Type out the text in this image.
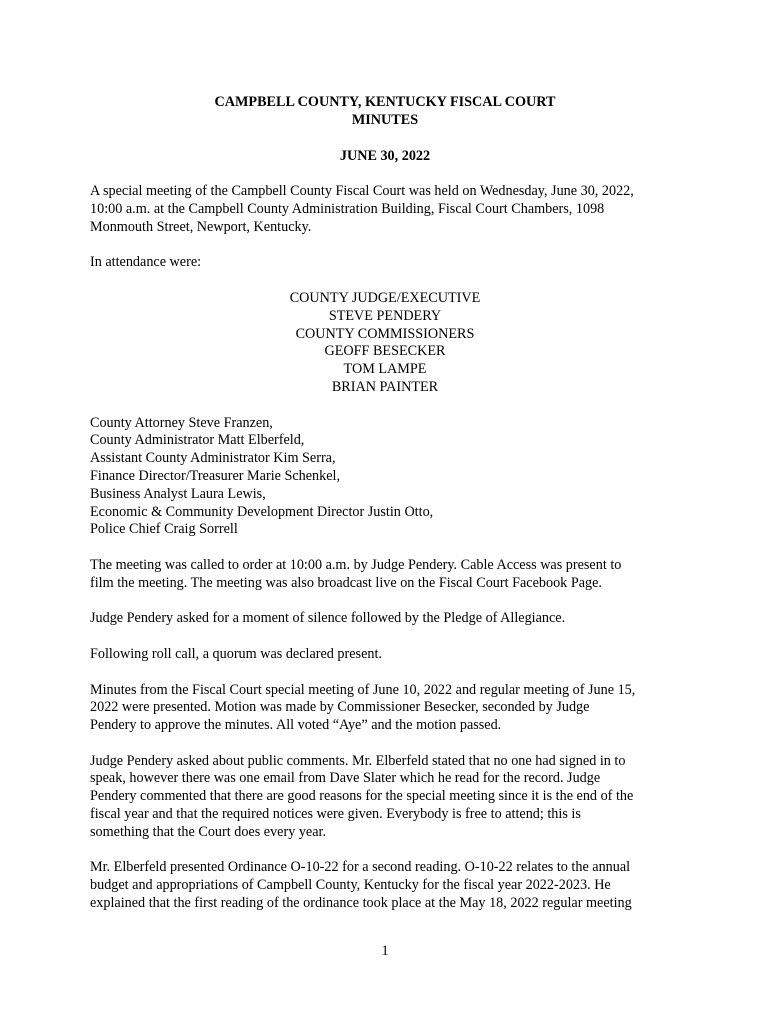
CAMPBELL COUNTY, KENTUCKY FISCAL COURT
MINUTES
JUNE 30, 2022

A special meeting of the Campbell County Fiscal Court was held on Wednesday, June 30, 2022,
10:00 a.m. at the Campbell County Administration Building, Fiscal Court Chambers, 1098
Monmouth Street, Newport, Kentucky.

In attendance were:

COUNTY JUDGE/EXECUTIVE
STEVE PENDERY
COUNTY COMMISSIONERS
GEOFF BESECKER
TOM LAMPE
BRIAN PAINTER
County Attorney Steve Franzen,
County Administrator Matt Elberfeld,
Assistant County Administrator Kim Serra,
Finance Director/Treasurer Marie Schenkel,
Business Analyst Laura Lewis,
Economic & Community Development Director Justin Otto,
Police Chief Craig Sorrell

The meeting was called to order at 10:00 a.m. by Judge Pendery. Cable Access was present to
film the meeting. The meeting was also broadcast live on the Fiscal Court Facebook Page.

Judge Pendery asked for a moment of silence followed by the Pledge of Allegiance.

Following roll call, a quorum was declared present.

Minutes from the Fiscal Court special meeting of June 10, 2022 and regular meeting of June 15,
2022 were presented. Motion was made by Commissioner Besecker, seconded by Judge
Pendery to approve the minutes. All voted “Aye” and the motion passed.

Judge Pendery asked about public comments. Mr. Elberfeld stated that no one had signed in to
speak, however there was one email from Dave Slater which he read for the record. Judge
Pendery commented that there are good reasons for the special meeting since it is the end of the
fiscal year and that the required notices were given. Everybody is free to attend; this is
something that the Court does every year.

Mr. Elberfeld presented Ordinance O-10-22 for a second reading. O-10-22 relates to the annual
budget and appropriations of Campbell County, Kentucky for the fiscal year 2022-2023. He
explained that the first reading of the ordinance took place at the May 18, 2022 regular meeting

1
